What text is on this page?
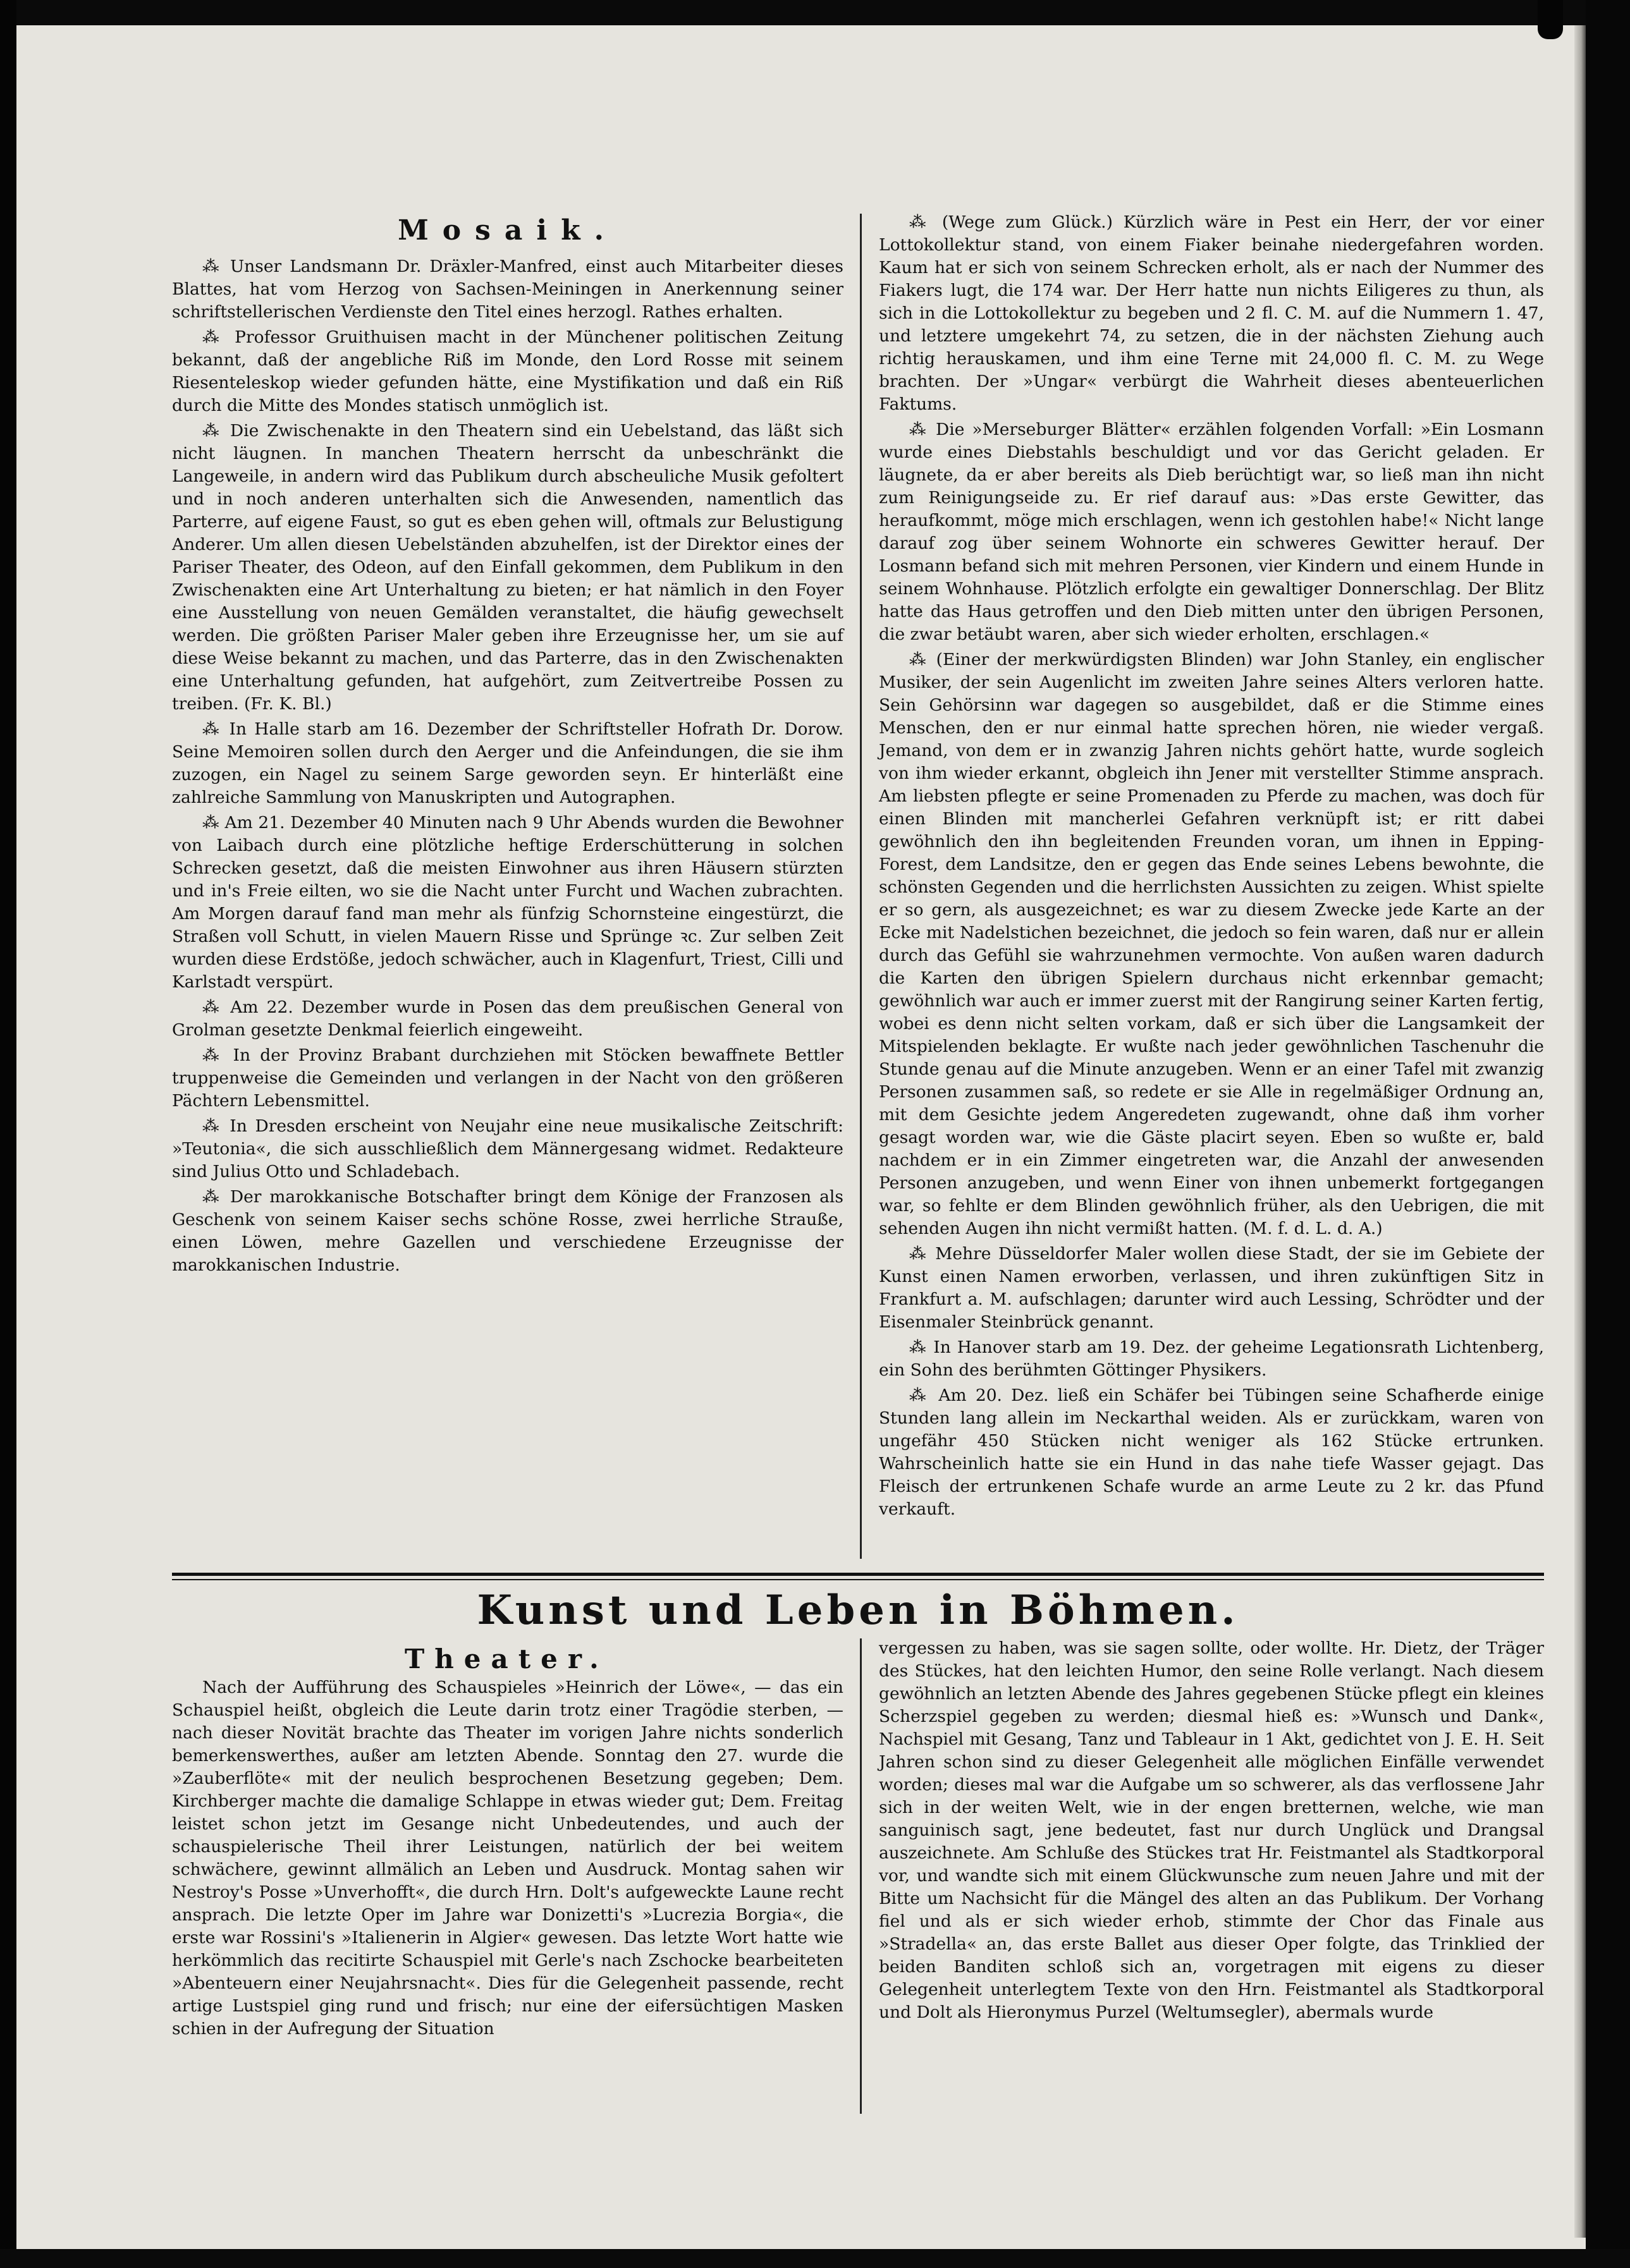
Mosaik.

⁂ Unser Landsmann Dr. Dräxler-Manfred, einst auch Mitarbeiter dieses Blattes, hat vom Herzog von Sachsen-Meiningen in Anerkennung seiner schriftstellerischen Verdienste den Titel eines herzogl. Rathes erhalten.

⁂ Professor Gruithuisen macht in der Münchener politischen Zeitung bekannt, daß der angebliche Riß im Monde, den Lord Rosse mit seinem Riesenteleskop wieder gefunden hätte, eine Mystifikation und daß ein Riß durch die Mitte des Mondes statisch unmöglich ist.

⁂ Die Zwischenakte in den Theatern sind ein Uebelstand, das läßt sich nicht läugnen. In manchen Theatern herrscht da unbeschränkt die Langeweile, in andern wird das Publikum durch abscheuliche Musik gefoltert und in noch anderen unterhalten sich die Anwesenden, namentlich das Parterre, auf eigene Faust, so gut es eben gehen will, oftmals zur Belustigung Anderer. Um allen diesen Uebelständen abzuhelfen, ist der Direktor eines der Pariser Theater, des Odeon, auf den Einfall gekommen, dem Publikum in den Zwischenakten eine Art Unterhaltung zu bieten; er hat nämlich in den Foyer eine Ausstellung von neuen Gemälden veranstaltet, die häufig gewechselt werden. Die größten Pariser Maler geben ihre Erzeugnisse her, um sie auf diese Weise bekannt zu machen, und das Parterre, das in den Zwischenakten eine Unterhaltung gefunden, hat aufgehört, zum Zeitvertreibe Possen zu treiben. (Fr. K. Bl.)

⁂ In Halle starb am 16. Dezember der Schriftsteller Hofrath Dr. Dorow. Seine Memoiren sollen durch den Aerger und die Anfeindungen, die sie ihm zuzogen, ein Nagel zu seinem Sarge geworden seyn. Er hinterläßt eine zahlreiche Sammlung von Manuskripten und Autographen.

⁂ Am 21. Dezember 40 Minuten nach 9 Uhr Abends wurden die Bewohner von Laibach durch eine plötzliche heftige Erderschütterung in solchen Schrecken gesetzt, daß die meisten Einwohner aus ihren Häusern stürzten und in's Freie eilten, wo sie die Nacht unter Furcht und Wachen zubrachten. Am Morgen darauf fand man mehr als fünfzig Schornsteine eingestürzt, die Straßen voll Schutt, in vielen Mauern Risse und Sprünge ꝛc. Zur selben Zeit wurden diese Erdstöße, jedoch schwächer, auch in Klagenfurt, Triest, Cilli und Karlstadt verspürt.

⁂ Am 22. Dezember wurde in Posen das dem preußischen General von Grolman gesetzte Denkmal feierlich eingeweiht.

⁂ In der Provinz Brabant durchziehen mit Stöcken bewaffnete Bettler truppenweise die Gemeinden und verlangen in der Nacht von den größeren Pächtern Lebensmittel.

⁂ In Dresden erscheint von Neujahr eine neue musikalische Zeitschrift: »Teutonia«, die sich ausschließlich dem Männergesang widmet. Redakteure sind Julius Otto und Schladebach.

⁂ Der marokkanische Botschafter bringt dem Könige der Franzosen als Geschenk von seinem Kaiser sechs schöne Rosse, zwei herrliche Strauße, einen Löwen, mehre Gazellen und verschiedene Erzeugnisse der marokkanischen Industrie.

⁂ (Wege zum Glück.) Kürzlich wäre in Pest ein Herr, der vor einer Lottokollektur stand, von einem Fiaker beinahe niedergefahren worden. Kaum hat er sich von seinem Schrecken erholt, als er nach der Nummer des Fiakers lugt, die 174 war. Der Herr hatte nun nichts Eiligeres zu thun, als sich in die Lottokollektur zu begeben und 2 fl. C. M. auf die Nummern 1. 47, und letztere umgekehrt 74, zu setzen, die in der nächsten Ziehung auch richtig herauskamen, und ihm eine Terne mit 24,000 fl. C. M. zu Wege brachten. Der »Ungar« verbürgt die Wahrheit dieses abenteuerlichen Faktums.

⁂ Die »Merseburger Blätter« erzählen folgenden Vorfall: »Ein Losmann wurde eines Diebstahls beschuldigt und vor das Gericht geladen. Er läugnete, da er aber bereits als Dieb berüchtigt war, so ließ man ihn nicht zum Reinigungseide zu. Er rief darauf aus: »Das erste Gewitter, das heraufkommt, möge mich erschlagen, wenn ich gestohlen habe!« Nicht lange darauf zog über seinem Wohnorte ein schweres Gewitter herauf. Der Losmann befand sich mit mehren Personen, vier Kindern und einem Hunde in seinem Wohnhause. Plötzlich erfolgte ein gewaltiger Donnerschlag. Der Blitz hatte das Haus getroffen und den Dieb mitten unter den übrigen Personen, die zwar betäubt waren, aber sich wieder erholten, erschlagen.«

⁂ (Einer der merkwürdigsten Blinden) war John Stanley, ein englischer Musiker, der sein Augenlicht im zweiten Jahre seines Alters verloren hatte. Sein Gehörsinn war dagegen so ausgebildet, daß er die Stimme eines Menschen, den er nur einmal hatte sprechen hören, nie wieder vergaß. Jemand, von dem er in zwanzig Jahren nichts gehört hatte, wurde sogleich von ihm wieder erkannt, obgleich ihn Jener mit verstellter Stimme ansprach. Am liebsten pflegte er seine Promenaden zu Pferde zu machen, was doch für einen Blinden mit mancherlei Gefahren verknüpft ist; er ritt dabei gewöhnlich den ihn begleitenden Freunden voran, um ihnen in Epping-Forest, dem Landsitze, den er gegen das Ende seines Lebens bewohnte, die schönsten Gegenden und die herrlichsten Aussichten zu zeigen. Whist spielte er so gern, als ausgezeichnet; es war zu diesem Zwecke jede Karte an der Ecke mit Nadelstichen bezeichnet, die jedoch so fein waren, daß nur er allein durch das Gefühl sie wahrzunehmen vermochte. Von außen waren dadurch die Karten den übrigen Spielern durchaus nicht erkennbar gemacht; gewöhnlich war auch er immer zuerst mit der Rangirung seiner Karten fertig, wobei es denn nicht selten vorkam, daß er sich über die Langsamkeit der Mitspielenden beklagte. Er wußte nach jeder gewöhnlichen Taschenuhr die Stunde genau auf die Minute anzugeben. Wenn er an einer Tafel mit zwanzig Personen zusammen saß, so redete er sie Alle in regelmäßiger Ordnung an, mit dem Gesichte jedem Angeredeten zugewandt, ohne daß ihm vorher gesagt worden war, wie die Gäste placirt seyen. Eben so wußte er, bald nachdem er in ein Zimmer eingetreten war, die Anzahl der anwesenden Personen anzugeben, und wenn Einer von ihnen unbemerkt fortgegangen war, so fehlte er dem Blinden gewöhnlich früher, als den Uebrigen, die mit sehenden Augen ihn nicht vermißt hatten. (M. f. d. L. d. A.)

⁂ Mehre Düsseldorfer Maler wollen diese Stadt, der sie im Gebiete der Kunst einen Namen erworben, verlassen, und ihren zukünftigen Sitz in Frankfurt a. M. aufschlagen; darunter wird auch Lessing, Schrödter und der Eisenmaler Steinbrück genannt.

⁂ In Hanover starb am 19. Dez. der geheime Legationsrath Lichtenberg, ein Sohn des berühmten Göttinger Physikers.

⁂ Am 20. Dez. ließ ein Schäfer bei Tübingen seine Schafherde einige Stunden lang allein im Neckarthal weiden. Als er zurückkam, waren von ungefähr 450 Stücken nicht weniger als 162 Stücke ertrunken. Wahrscheinlich hatte sie ein Hund in das nahe tiefe Wasser gejagt. Das Fleisch der ertrunkenen Schafe wurde an arme Leute zu 2 kr. das Pfund verkauft.

Kunst und Leben in Böhmen.
Theater.

Nach der Aufführung des Schauspieles »Heinrich der Löwe«, — das ein Schauspiel heißt, obgleich die Leute darin trotz einer Tragödie sterben, — nach dieser Novität brachte das Theater im vorigen Jahre nichts sonderlich bemerkenswerthes, außer am letzten Abende. Sonntag den 27. wurde die »Zauberflöte« mit der neulich besprochenen Besetzung gegeben; Dem. Kirchberger machte die damalige Schlappe in etwas wieder gut; Dem. Freitag leistet schon jetzt im Gesange nicht Unbedeutendes, und auch der schauspielerische Theil ihrer Leistungen, natürlich der bei weitem schwächere, gewinnt allmälich an Leben und Ausdruck. Montag sahen wir Nestroy's Posse »Unverhofft«, die durch Hrn. Dolt's aufgeweckte Laune recht ansprach. Die letzte Oper im Jahre war Donizetti's »Lucrezia Borgia«, die erste war Rossini's »Italienerin in Algier« gewesen. Das letzte Wort hatte wie herkömmlich das recitirte Schauspiel mit Gerle's nach Zschocke bearbeiteten »Abenteuern einer Neujahrsnacht«. Dies für die Gelegenheit passende, recht artige Lustspiel ging rund und frisch; nur eine der eifersüchtigen Masken schien in der Aufregung der Situation

vergessen zu haben, was sie sagen sollte, oder wollte. Hr. Dietz, der Träger des Stückes, hat den leichten Humor, den seine Rolle verlangt. Nach diesem gewöhnlich an letzten Abende des Jahres gegebenen Stücke pflegt ein kleines Scherzspiel gegeben zu werden; diesmal hieß es: »Wunsch und Dank«, Nachspiel mit Gesang, Tanz und Tableaur in 1 Akt, gedichtet von J. E. H. Seit Jahren schon sind zu dieser Gelegenheit alle möglichen Einfälle verwendet worden; dieses mal war die Aufgabe um so schwerer, als das verflossene Jahr sich in der weiten Welt, wie in der engen bretternen, welche, wie man sanguinisch sagt, jene bedeutet, fast nur durch Unglück und Drangsal auszeichnete. Am Schluße des Stückes trat Hr. Feistmantel als Stadtkorporal vor, und wandte sich mit einem Glückwunsche zum neuen Jahre und mit der Bitte um Nachsicht für die Mängel des alten an das Publikum. Der Vorhang fiel und als er sich wieder erhob, stimmte der Chor das Finale aus »Stradella« an, das erste Ballet aus dieser Oper folgte, das Trinklied der beiden Banditen schloß sich an, vorgetragen mit eigens zu dieser Gelegenheit unterlegtem Texte von den Hrn. Feistmantel als Stadtkorporal und Dolt als Hieronymus Purzel (Weltumsegler), abermals wurde
